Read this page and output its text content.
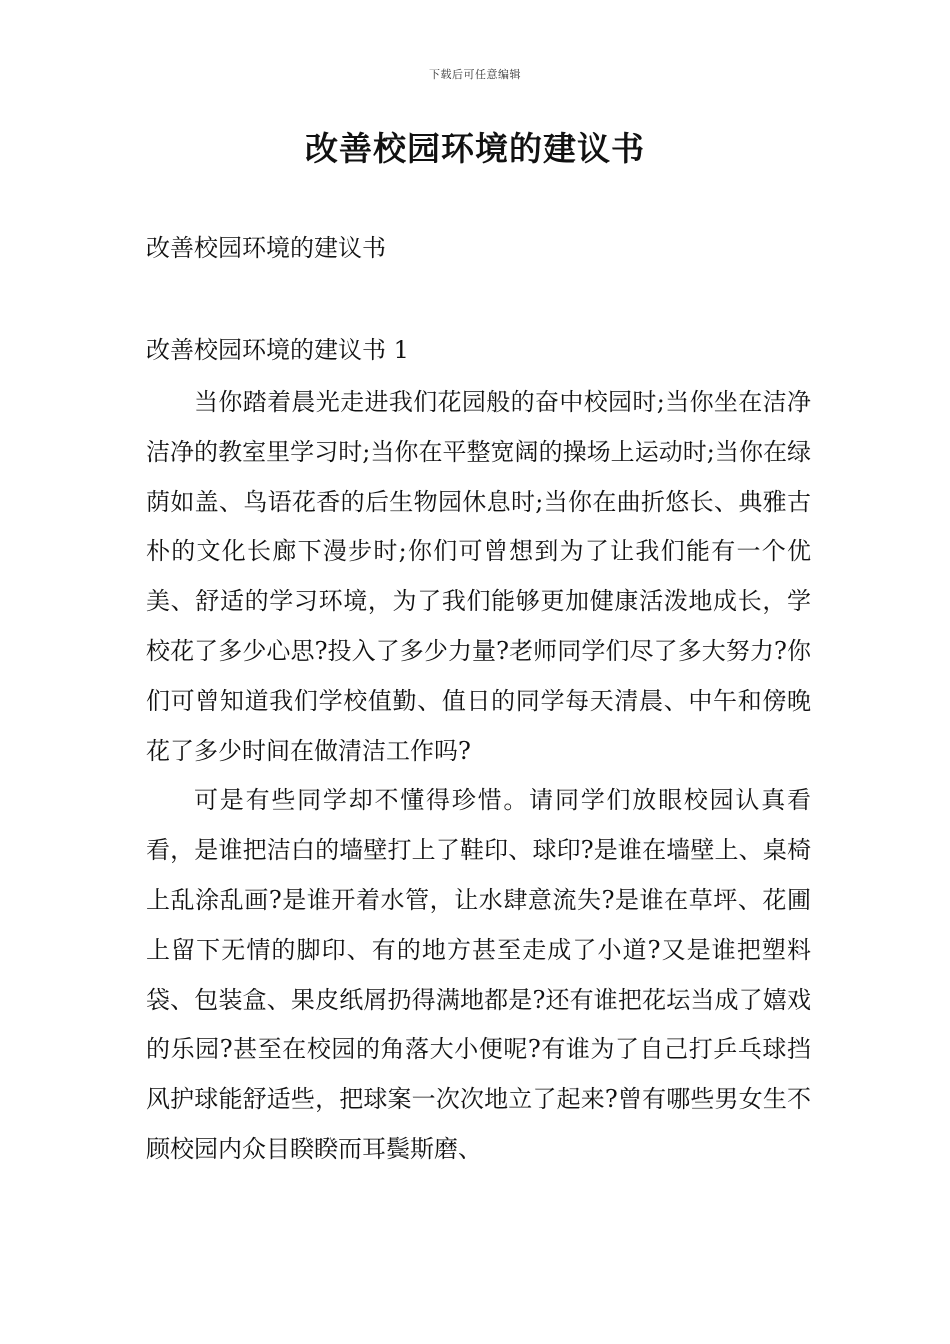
下载后可任意编辑
改善校园环境的建议书
改善校园环境的建议书
改善校园环境的建议书 1

当你踏着晨光走进我们花园般的奋中校园时;当你坐在洁净洁净的教室里学习时;当你在平整宽阔的操场上运动时;当你在绿荫如盖、鸟语花香的后生物园休息时;当你在曲折悠长、典雅古朴的文化长廊下漫步时;你们可曾想到为了让我们能有一个优美、舒适的学习环境，为了我们能够更加健康活泼地成长，学校花了多少心思?投入了多少力量?老师同学们尽了多大努力?你们可曾知道我们学校值勤、值日的同学每天清晨、中午和傍晚花了多少时间在做清洁工作吗?

可是有些同学却不懂得珍惜。请同学们放眼校园认真看看，是谁把洁白的墙壁打上了鞋印、球印?是谁在墙壁上、桌椅上乱涂乱画?是谁开着水管，让水肆意流失?是谁在草坪、花圃上留下无情的脚印、有的地方甚至走成了小道?又是谁把塑料袋、包装盒、果皮纸屑扔得满地都是?还有谁把花坛当成了嬉戏的乐园?甚至在校园的角落大小便呢?有谁为了自己打乒乓球挡风护球能舒适些，把球案一次次地立了起来?曾有哪些男女生不顾校园内众目睽睽而耳鬓斯磨、
